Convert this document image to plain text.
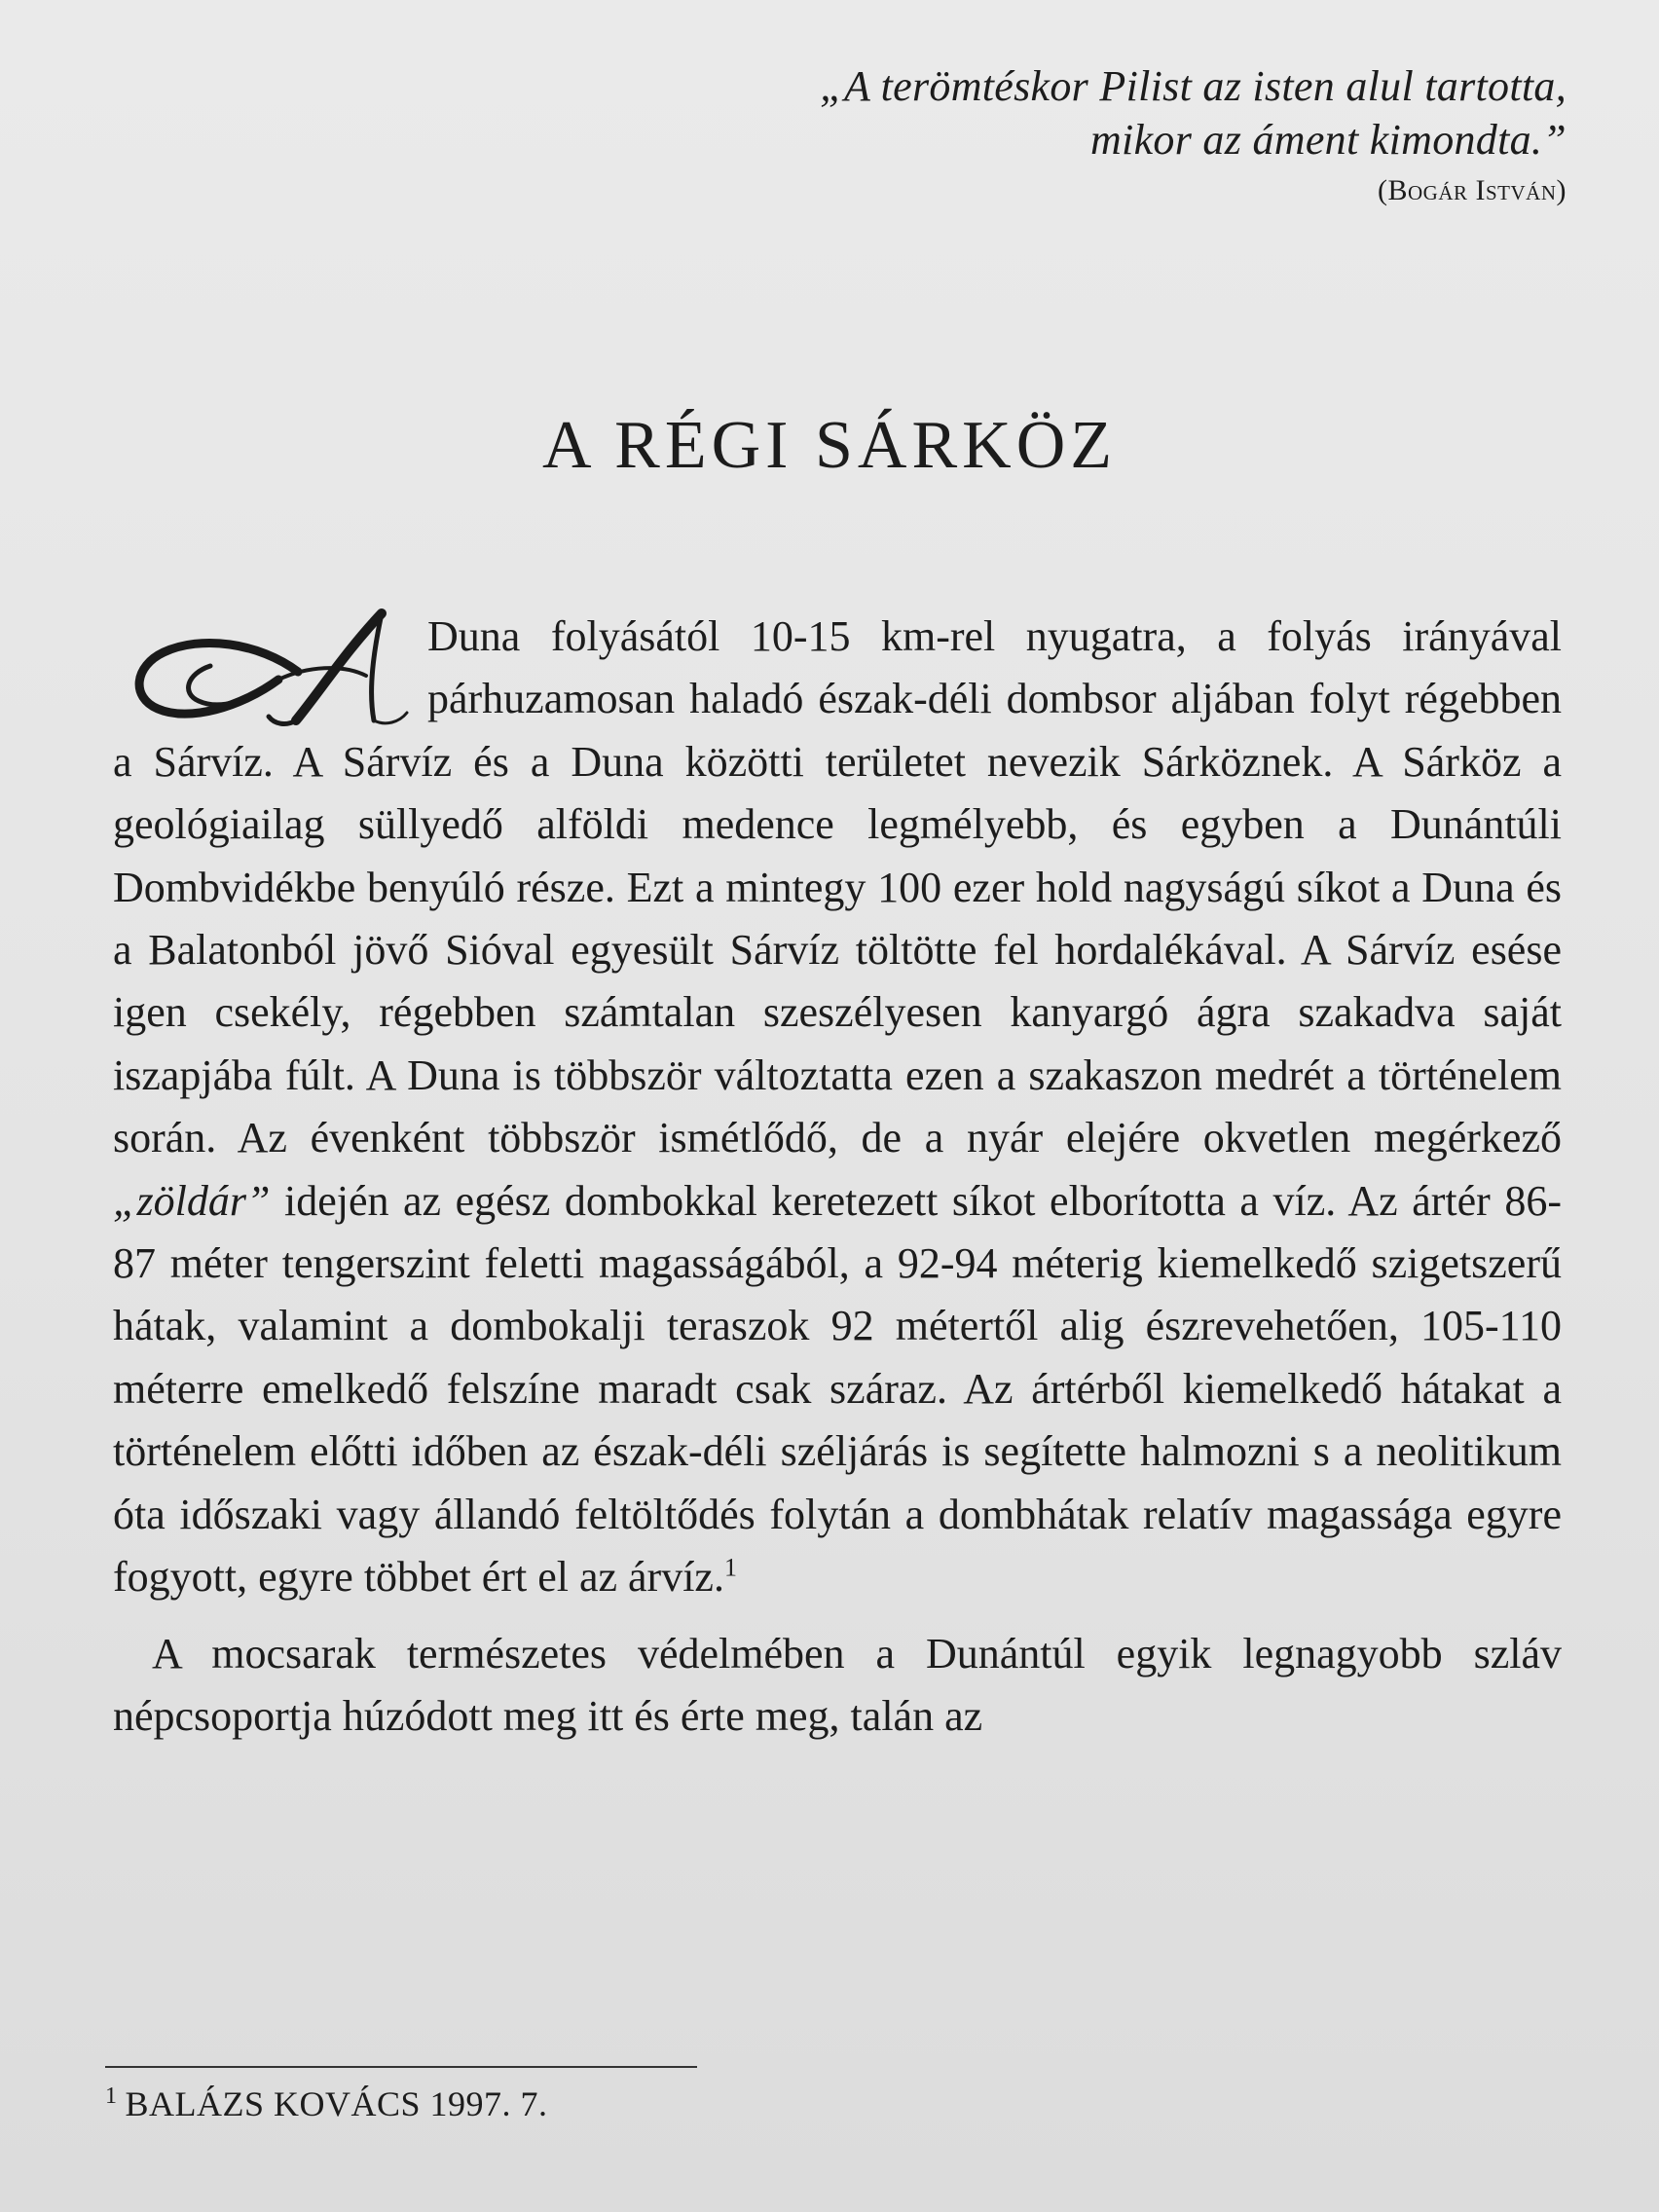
„A terömtéskor Pilist az isten alul tartotta,
mikor az áment kimondta.”
(Bogár István)
A RÉGI SÁRKÖZ

Duna folyásától 10-15 km-rel nyugatra, a folyás irányával párhuzamosan haladó észak-déli dombsor aljában folyt régebben a Sárvíz. A Sárvíz és a Duna közötti területet nevezik Sárköznek. A Sárköz a geológiailag süllyedő alföldi medence legmélyebb, és egyben a Dunántúli Dombvidékbe benyúló része. Ezt a mintegy 100 ezer hold nagyságú síkot a Duna és a Balatonból jövő Sióval egyesült Sárvíz töltötte fel hordalékával. A Sárvíz esése igen csekély, régebben számtalan szeszélyesen kanyargó ágra szakadva saját iszapjába fúlt. A Duna is többször változtatta ezen a szakaszon medrét a történelem során. Az évenként többször ismétlődő, de a nyár elejére okvetlen megérkező „zöldár” idején az egész dombokkal keretezett síkot elborította a víz. Az ártér 86-87 méter tengerszint feletti magasságából, a 92-94 méterig kiemelkedő szigetszerű hátak, valamint a dombokalji teraszok 92 métertől alig észrevehetően, 105-110 méterre emelkedő felszíne maradt csak száraz. Az ártérből kiemelkedő hátakat a történelem előtti időben az észak-déli széljárás is segítette halmozni s a neolitikum óta időszaki vagy állandó feltöltődés folytán a dombhátak relatív magassága egyre fogyott, egyre többet ért el az árvíz.$^1$

A mocsarak természetes védelmében a Dunántúl egyik legnagyobb szláv népcsoportja húzódott meg itt és érte meg, talán az

$^1$ BALÁZS KOVÁCS 1997. 7.
